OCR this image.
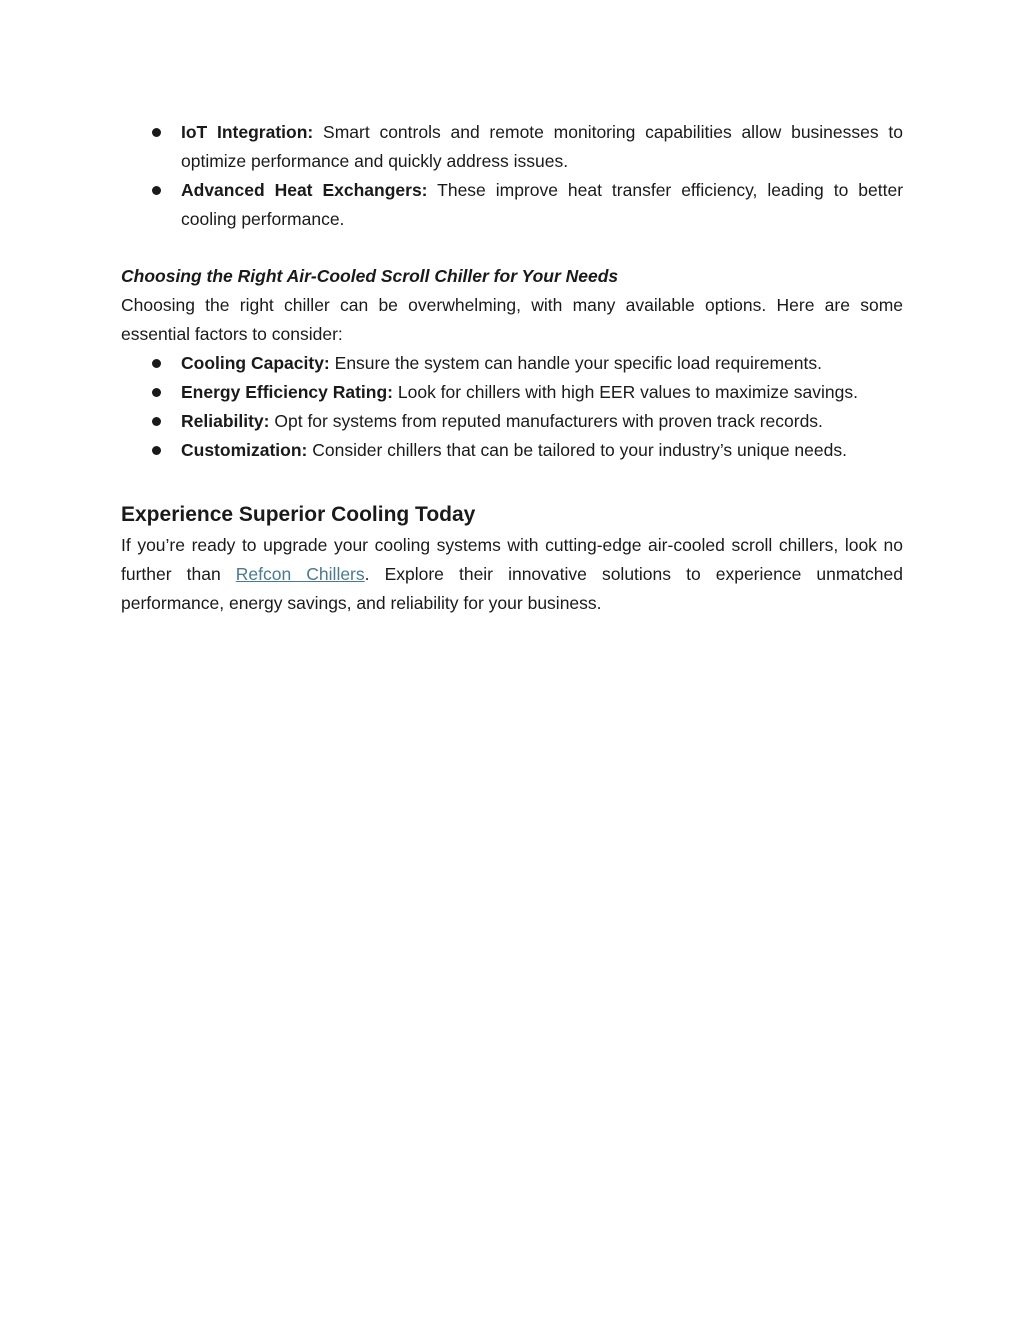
IoT Integration: Smart controls and remote monitoring capabilities allow businesses to optimize performance and quickly address issues.
Advanced Heat Exchangers: These improve heat transfer efficiency, leading to better cooling performance.
Choosing the Right Air-Cooled Scroll Chiller for Your Needs

Choosing the right chiller can be overwhelming, with many available options. Here are some essential factors to consider:

Cooling Capacity: Ensure the system can handle your specific load requirements.
Energy Efficiency Rating: Look for chillers with high EER values to maximize savings.
Reliability: Opt for systems from reputed manufacturers with proven track records.
Customization: Consider chillers that can be tailored to your industry’s unique needs.
Experience Superior Cooling Today

If you’re ready to upgrade your cooling systems with cutting-edge air-cooled scroll chillers, look no further than Refcon Chillers. Explore their innovative solutions to experience unmatched performance, energy savings, and reliability for your business.
